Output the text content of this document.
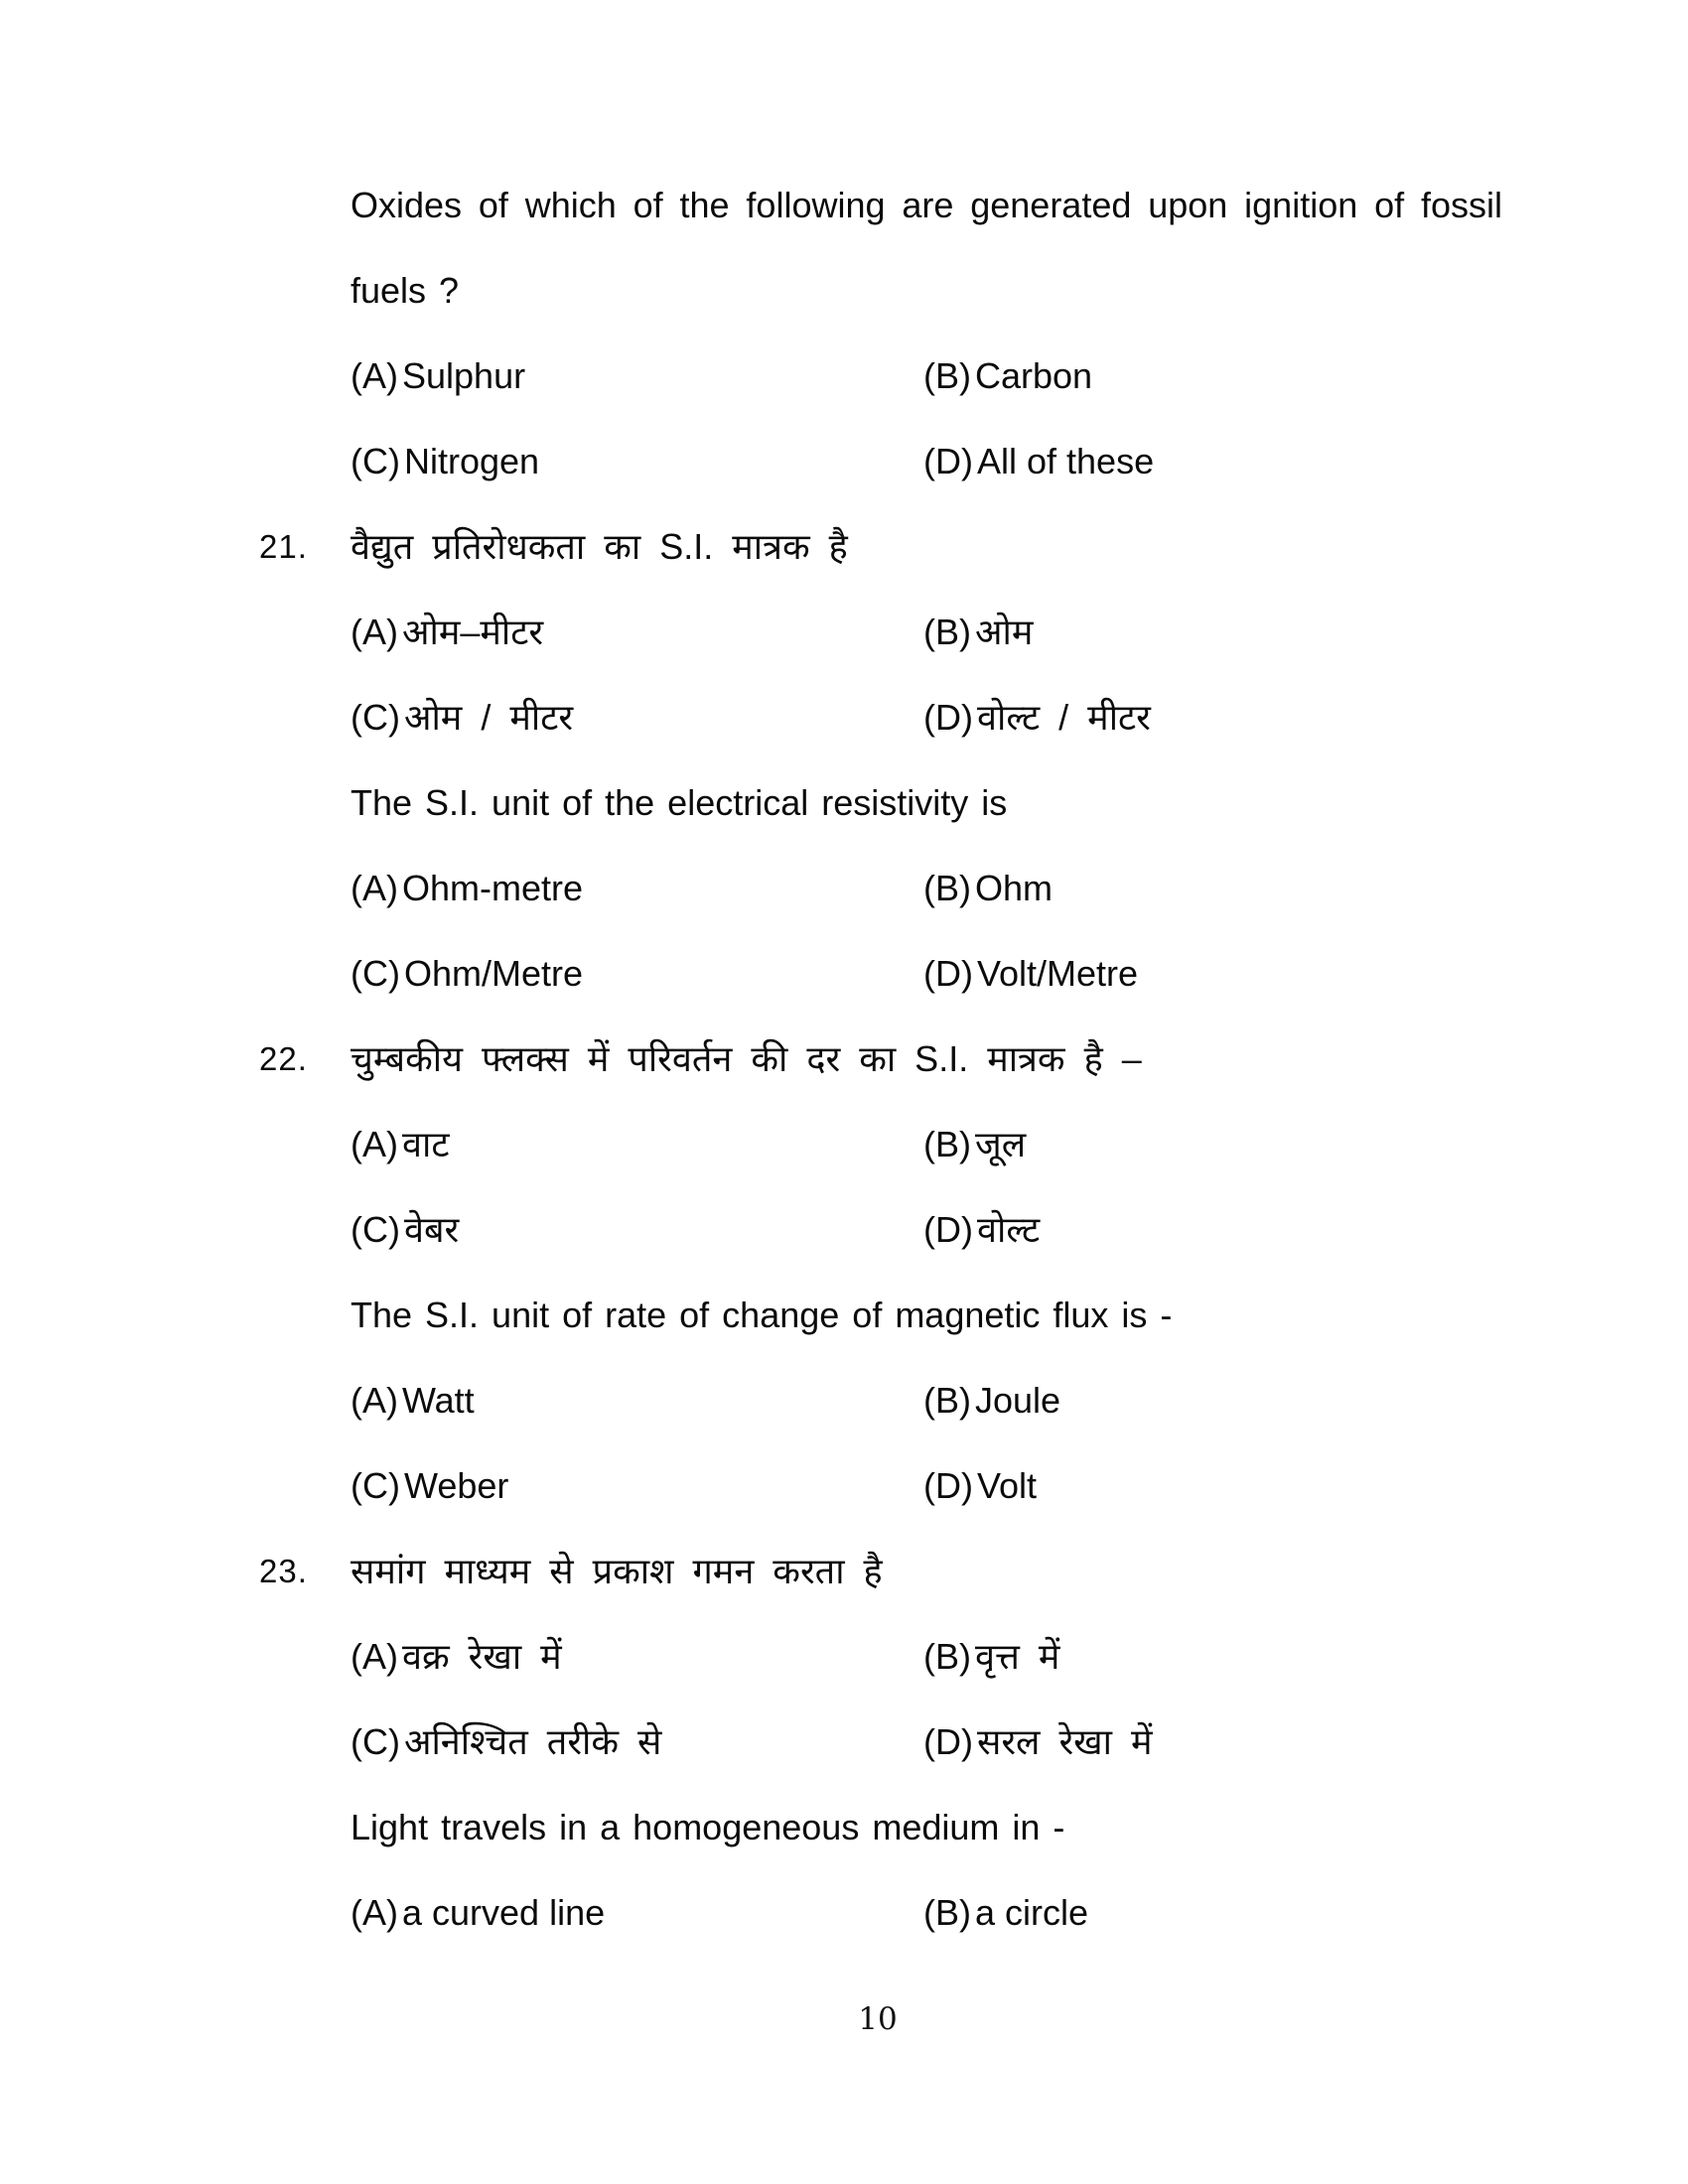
Oxides of which of the following are generated upon ignition of fossil fuels ?
(A) Sulphur	(B) Carbon
(C) Nitrogen	(D) All of these
21. वैद्युत प्रतिरोधकता का S.I. मात्रक है
(A) ओम–मीटर	(B) ओम
(C) ओम / मीटर	(D) वोल्ट / मीटर
The S.I. unit of the electrical resistivity is
(A) Ohm-metre	(B) Ohm
(C) Ohm/Metre	(D) Volt/Metre
22. चुम्बकीय फ्लक्स में परिवर्तन की दर का S.I. मात्रक है –
(A) वाट	(B) जूल
(C) वेबर	(D) वोल्ट
The S.I. unit of rate of change of magnetic flux is -
(A) Watt	(B) Joule
(C) Weber	(D) Volt
23. समांग माध्यम से प्रकाश गमन करता है
(A) वक्र रेखा में	(B) वृत्त में
(C) अनिश्चित तरीके से	(D) सरल रेखा में
Light travels in a homogeneous medium in -
(A) a curved line	(B) a circle
10
